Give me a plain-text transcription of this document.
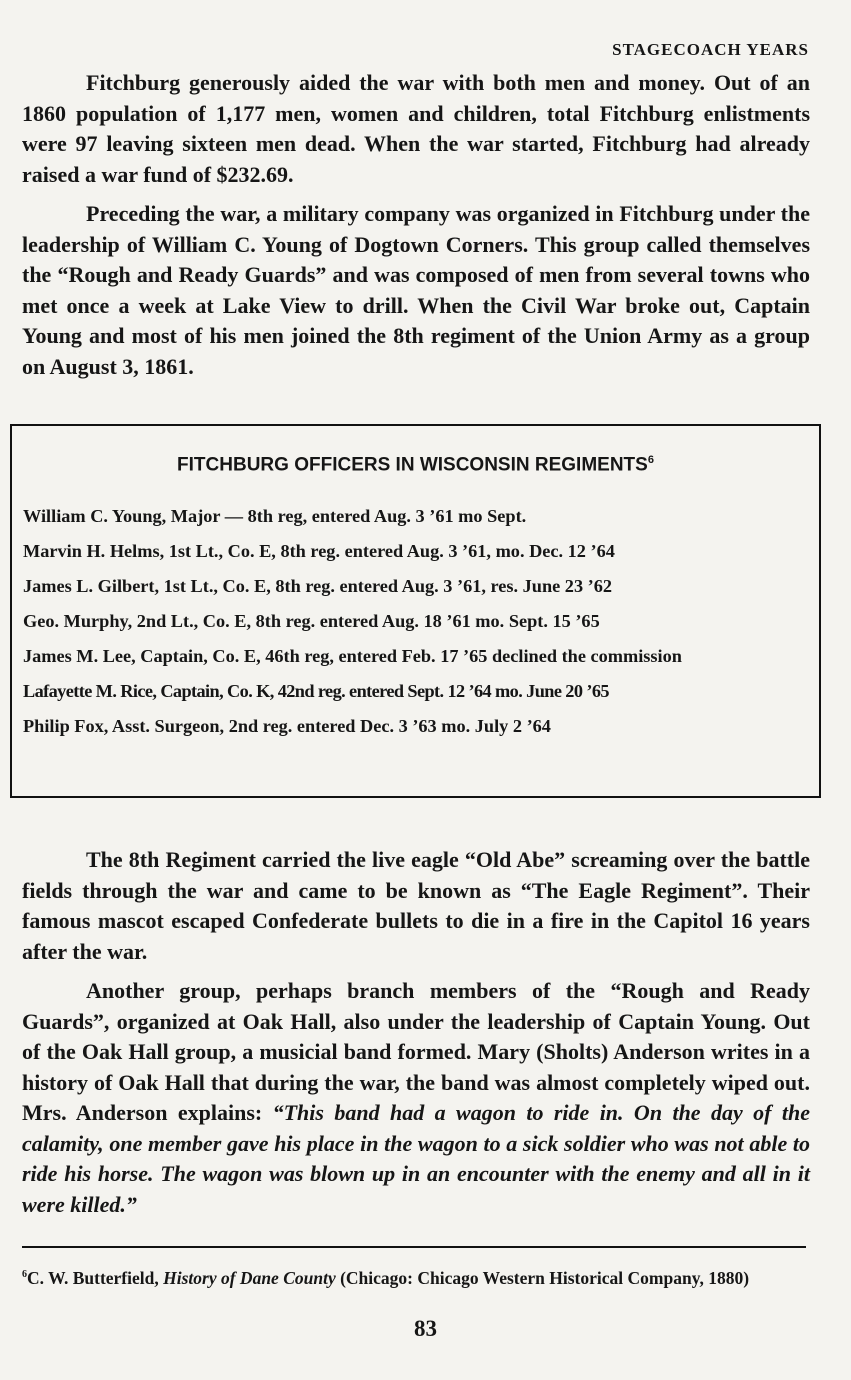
STAGECOACH YEARS

Fitchburg generously aided the war with both men and money. Out of an 1860 population of 1,177 men, women and children, total Fitchburg enlistments were 97 leaving sixteen men dead. When the war started, Fitchburg had already raised a war fund of $232.69.

Preceding the war, a military company was organized in Fitchburg under the leadership of William C. Young of Dogtown Corners. This group called themselves the “Rough and Ready Guards” and was composed of men from several towns who met once a week at Lake View to drill. When the Civil War broke out, Captain Young and most of his men joined the 8th regiment of the Union Army as a group on August 3, 1861.

FITCHBURG OFFICERS IN WISCONSIN REGIMENTS$^6$
William C. Young, Major — 8th reg, entered Aug. 3 ’61 mo Sept.
Marvin H. Helms, 1st Lt., Co. E, 8th reg. entered Aug. 3 ’61, mo. Dec. 12 ’64
James L. Gilbert, 1st Lt., Co. E, 8th reg. entered Aug. 3 ’61, res. June 23 ’62
Geo. Murphy, 2nd Lt., Co. E, 8th reg. entered Aug. 18 ’61 mo. Sept. 15 ’65
James M. Lee, Captain, Co. E, 46th reg, entered Feb. 17 ’65 declined the commission
Lafayette M. Rice, Captain, Co. K, 42nd reg. entered Sept. 12 ’64 mo. June 20 ’65
Philip Fox, Asst. Surgeon, 2nd reg. entered Dec. 3 ’63 mo. July 2 ’64

The 8th Regiment carried the live eagle “Old Abe” screaming over the battle fields through the war and came to be known as “The Eagle Regiment”. Their famous mascot escaped Confederate bullets to die in a fire in the Capitol 16 years after the war.

Another group, perhaps branch members of the “Rough and Ready Guards”, organized at Oak Hall, also under the leadership of Captain Young. Out of the Oak Hall group, a musicial band formed. Mary (Sholts) Anderson writes in a history of Oak Hall that during the war, the band was almost completely wiped out. Mrs. Anderson explains: “This band had a wagon to ride in. On the day of the calamity, one member gave his place in the wagon to a sick soldier who was not able to ride his horse. The wagon was blown up in an encounter with the enemy and all in it were killed.”

$^6$C. W. Butterfield, History of Dane County (Chicago: Chicago Western Historical Company, 1880)
83
